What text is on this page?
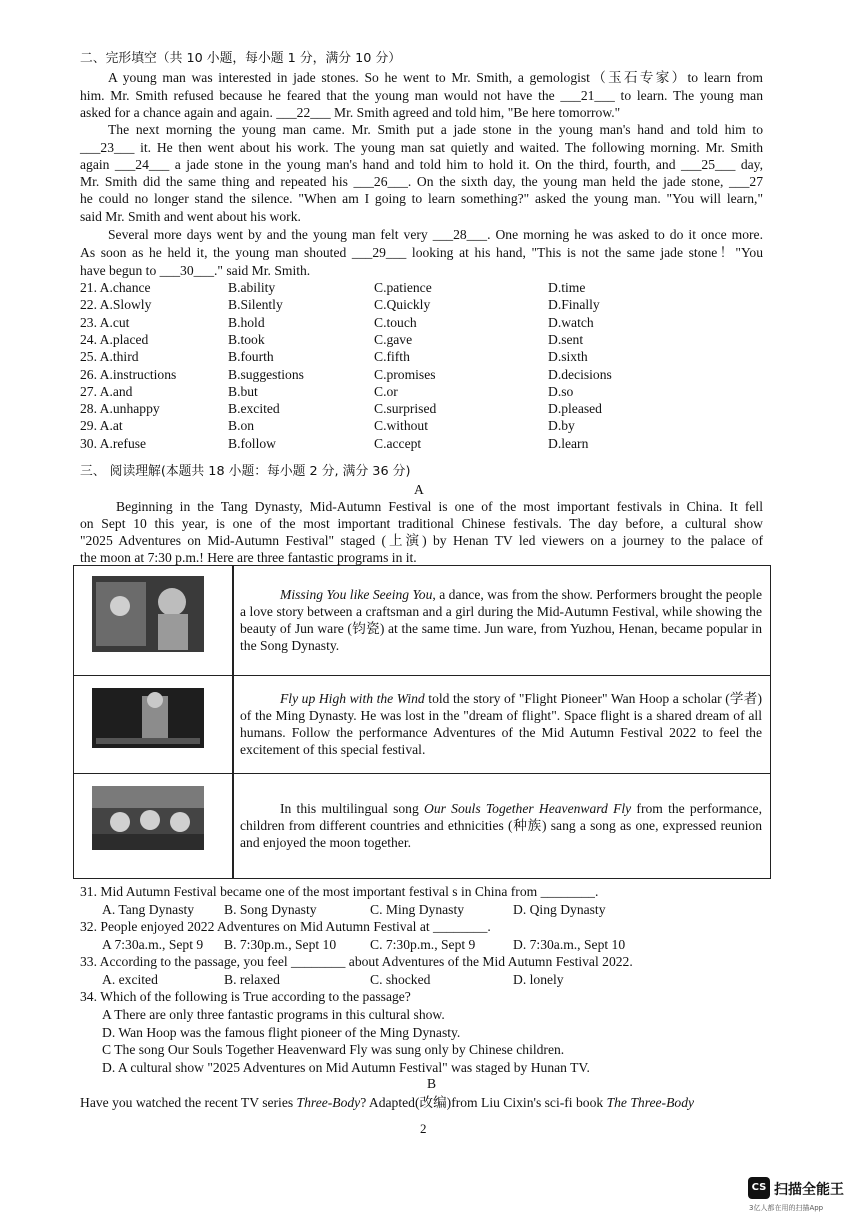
二、完形填空（共 10 小题，每小题 1 分，满分 10 分）
A young man was interested in jade stones. So he went to Mr. Smith, a gemologist（玉石专家）to learn from
him. Mr. Smith refused because he feared that the young man would not have the ___21___ to learn. The young man
asked for a chance again and again. ___22___ Mr. Smith agreed and told him, "Be here tomorrow."
The next morning the young man came. Mr. Smith put a jade stone in the young man's hand and told him to
___23___ it. He then went about his work. The young man sat quietly and waited. The following morning. Mr. Smith
again ___24___ a jade stone in the young man's hand and told him to hold it. On the third, fourth, and ___25___ day,
Mr. Smith did the same thing and repeated his ___26___. On the sixth day, the young man held the jade stone, ___27
he could no longer stand the silence. "When am I going to learn something?" asked the young man. "You will learn,"
said Mr. Smith and went about his work.
Several more days went by and the young man felt very ___28___. One morning he was asked to do it once more.
As soon as he held it, the young man shouted ___29___ looking at his hand, "This is not the same jade stone！"You
have begun to ___30___." said Mr. Smith.
21. A.chance	B.ability	C.patience	D.time
22. A.Slowly	B.Silently	C.Quickly	D.Finally
23. A.cut	B.hold	C.touch	D.watch
24. A.placed	B.took	C.gave	D.sent
25. A.third	B.fourth	C.fifth	D.sixth
26. A.instructions	B.suggestions	C.promises	D.decisions
27. A.and	B.but	C.or	D.so
28. A.unhappy	B.excited	C.surprised	D.pleased
29. A.at	B.on	C.without	D.by
30. A.refuse	B.follow	C.accept	D.learn
三、 阅读理解(本题共 18 小题：每小题 2 分, 满分 36 分)
A
Beginning in the Tang Dynasty, Mid-Autumn Festival is one of the most important festivals in China. It fell
on Sept 10 this year, is one of the most important traditional Chinese festivals. The day before, a cultural show
"2025 Adventures on Mid-Autumn Festival" staged (上演) by Henan TV led viewers on a journey to the palace of
the moon at 7:30 p.m.! Here are three fantastic programs in it.
Missing You like Seeing You, a dance, was from the show. Performers brought the people a love story between a craftsman and a girl during the Mid-Autumn Festival, while showing the beauty of Jun ware (钧瓷) at the same time. Jun ware, from Yuzhou, Henan, became popular in the Song Dynasty.
Fly up High with the Wind told the story of "Flight Pioneer" Wan Hoop a scholar (学者) of the Ming Dynasty. He was lost in the "dream of flight". Space flight is a shared dream of all humans. Follow the performance Adventures of the Mid Autumn Festival 2022 to feel the excitement of this special festival.
In this multilingual song Our Souls Together Heavenward Fly from the performance, children from different countries and ethnicities (种族) sang a song as one, expressed reunion and enjoyed the moon together.
31. Mid Autumn Festival became one of the most important festival s in China from ________.
A. Tang Dynasty B. Song Dynasty	C. Ming Dynasty	D. Qing Dynasty
32. People enjoyed 2022 Adventures on Mid Autumn Festival at ________.
A 7:30a.m., Sept 9 B. 7:30p.m., Sept 10 C. 7:30p.m., Sept 9	D. 7:30a.m., Sept 10
33. According to the passage, you feel ________ about Adventures of the Mid Autumn Festival 2022.
A. excited	B. relaxed	C. shocked	D. lonely
34. Which of the following is True according to the passage?
A There are only three fantastic programs in this cultural show.
D. Wan Hoop was the famous flight pioneer of the Ming Dynasty.
C The song Our Souls Together Heavenward Fly was sung only by Chinese children.
D. A cultural show "2025 Adventures on Mid Autumn Festival" was staged by Hunan TV.
B
Have you watched the recent TV series Three-Body? Adapted(改编)from Liu Cixin's sci-fi book The Three-Body
2
CS 扫描全能王
3亿人都在用的扫描App
